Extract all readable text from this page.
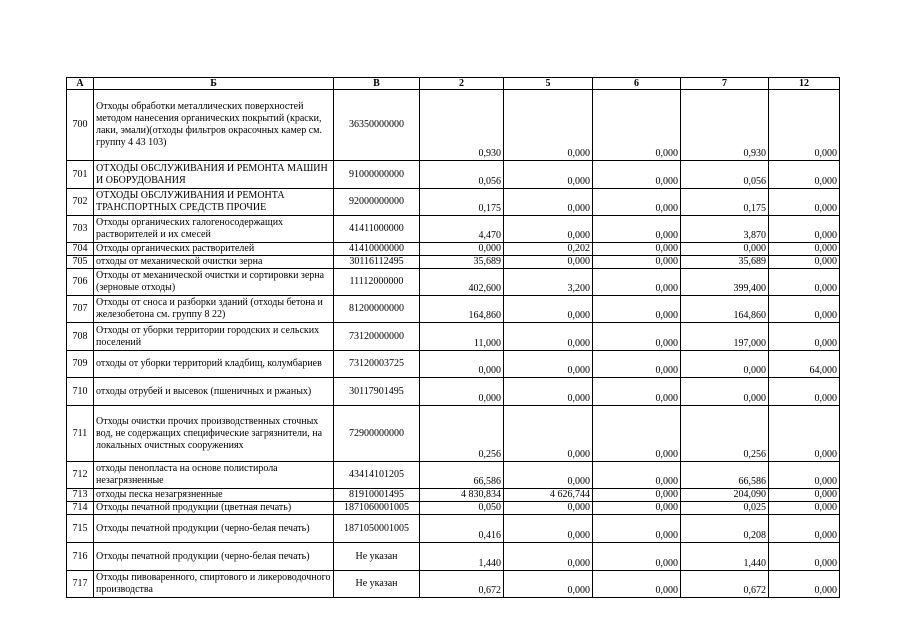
А	Б	В	2	5	6	7	12
700	Отходы обработки металлических поверхностей методом нанесения органических покрытий (краски, лаки, эмали)(отходы фильтров окрасочных камер см. группу 4 43 103)	36350000000	0,930	0,000	0,000	0,930	0,000
701	ОТХОДЫ ОБСЛУЖИВАНИЯ И РЕМОНТА МАШИН И ОБОРУДОВАНИЯ	91000000000	0,056	0,000	0,000	0,056	0,000
702	ОТХОДЫ ОБСЛУЖИВАНИЯ И РЕМОНТА ТРАНСПОРТНЫХ СРЕДСТВ ПРОЧИЕ	92000000000	0,175	0,000	0,000	0,175	0,000
703	Отходы органических галогеносодержащих растворителей и их смесей	41411000000	4,470	0,000	0,000	3,870	0,000
704	Отходы органических растворителей	41410000000	0,000	0,202	0,000	0,000	0,000
705	отходы от механической очистки зерна	30116112495	35,689	0,000	0,000	35,689	0,000
706	Отходы от механической очистки и сортировки зерна (зерновые отходы)	11112000000	402,600	3,200	0,000	399,400	0,000
707	Отходы от сноса и разборки зданий (отходы бетона и железобетона см. группу 8 22)	81200000000	164,860	0,000	0,000	164,860	0,000
708	Отходы от уборки территории городских и сельских поселений	73120000000	11,000	0,000	0,000	197,000	0,000
709	отходы от уборки территорий кладбищ, колумбариев	73120003725	0,000	0,000	0,000	0,000	64,000
710	отходы отрубей и высевок (пшеничных и ржаных)	30117901495	0,000	0,000	0,000	0,000	0,000
711	Отходы очистки прочих производственных сточных вод, не содержащих специфические загрязнители, на локальных очистных сооружениях	72900000000	0,256	0,000	0,000	0,256	0,000
712	отходы пенопласта на основе полистирола незагрязненные	43414101205	66,586	0,000	0,000	66,586	0,000
713	отходы песка незагрязненные	81910001495	4 830,834	4 626,744	0,000	204,090	0,000
714	Отходы печатной продукции (цветная печать)	1871060001005	0,050	0,000	0,000	0,025	0,000
715	Отходы печатной продукции (черно-белая печать)	1871050001005	0,416	0,000	0,000	0,208	0,000
716	Отходы печатной продукции (черно-белая печать)	Не указан	1,440	0,000	0,000	1,440	0,000
717	Отходы пивоваренного, спиртового и ликероводочного производства	Не указан	0,672	0,000	0,000	0,672	0,000
